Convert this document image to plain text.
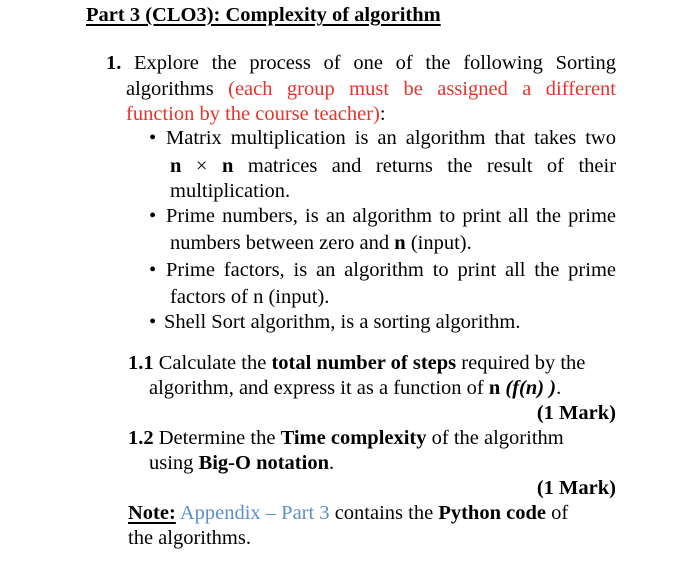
Part 3 (CLO3): Complexity of algorithm
1. Explore the process of one of the following Sorting
algorithms (each group must be assigned a different
function by the course teacher):
• Matrix multiplication is an algorithm that takes two
n × n matrices and returns the result of their
multiplication.
• Prime numbers, is an algorithm to print all the prime
numbers between zero and n (input).
• Prime factors, is an algorithm to print all the prime
factors of n (input).
• Shell Sort algorithm, is a sorting algorithm.
1.1 Calculate the total number of steps required by the
algorithm, and express it as a function of n (f(n) ).
(1 Mark)
1.2 Determine the Time complexity of the algorithm
using Big-O notation.
(1 Mark)
Note: Appendix – Part 3 contains the Python code of
the algorithms.
